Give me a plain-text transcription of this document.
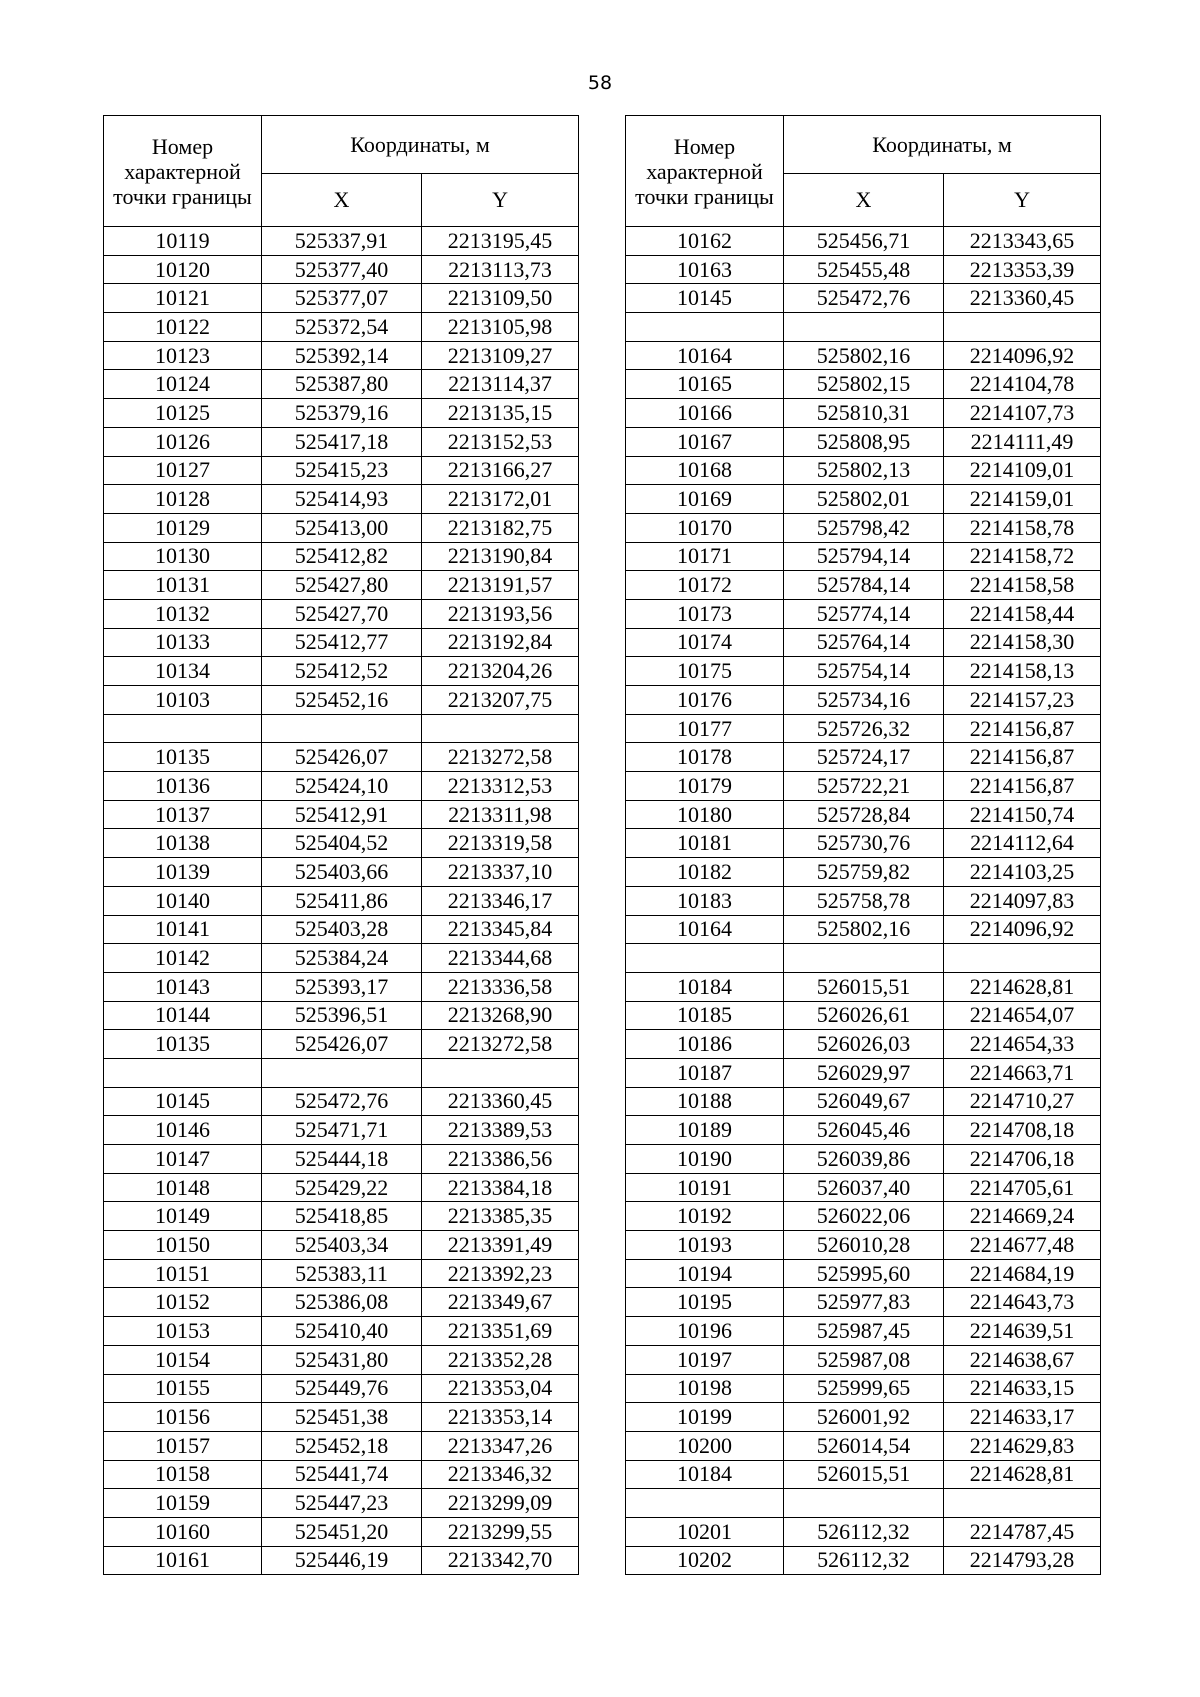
58
Номер характерной точки границы	Координаты, м	
	X	Y
10119	525337,91	2213195,45
10120	525377,40	2213113,73
10121	525377,07	2213109,50
10122	525372,54	2213105,98
10123	525392,14	2213109,27
10124	525387,80	2213114,37
10125	525379,16	2213135,15
10126	525417,18	2213152,53
10127	525415,23	2213166,27
10128	525414,93	2213172,01
10129	525413,00	2213182,75
10130	525412,82	2213190,84
10131	525427,80	2213191,57
10132	525427,70	2213193,56
10133	525412,77	2213192,84
10134	525412,52	2213204,26
10103	525452,16	2213207,75

10135	525426,07	2213272,58
10136	525424,10	2213312,53
10137	525412,91	2213311,98
10138	525404,52	2213319,58
10139	525403,66	2213337,10
10140	525411,86	2213346,17
10141	525403,28	2213345,84
10142	525384,24	2213344,68
10143	525393,17	2213336,58
10144	525396,51	2213268,90
10135	525426,07	2213272,58

10145	525472,76	2213360,45
10146	525471,71	2213389,53
10147	525444,18	2213386,56
10148	525429,22	2213384,18
10149	525418,85	2213385,35
10150	525403,34	2213391,49
10151	525383,11	2213392,23
10152	525386,08	2213349,67
10153	525410,40	2213351,69
10154	525431,80	2213352,28
10155	525449,76	2213353,04
10156	525451,38	2213353,14
10157	525452,18	2213347,26
10158	525441,74	2213346,32
10159	525447,23	2213299,09
10160	525451,20	2213299,55
10161	525446,19	2213342,70
Номер характерной точки границы	Координаты, м	
	X	Y
10162	525456,71	2213343,65
10163	525455,48	2213353,39
10145	525472,76	2213360,45

10164	525802,16	2214096,92
10165	525802,15	2214104,78
10166	525810,31	2214107,73
10167	525808,95	2214111,49
10168	525802,13	2214109,01
10169	525802,01	2214159,01
10170	525798,42	2214158,78
10171	525794,14	2214158,72
10172	525784,14	2214158,58
10173	525774,14	2214158,44
10174	525764,14	2214158,30
10175	525754,14	2214158,13
10176	525734,16	2214157,23
10177	525726,32	2214156,87
10178	525724,17	2214156,87
10179	525722,21	2214156,87
10180	525728,84	2214150,74
10181	525730,76	2214112,64
10182	525759,82	2214103,25
10183	525758,78	2214097,83
10164	525802,16	2214096,92

10184	526015,51	2214628,81
10185	526026,61	2214654,07
10186	526026,03	2214654,33
10187	526029,97	2214663,71
10188	526049,67	2214710,27
10189	526045,46	2214708,18
10190	526039,86	2214706,18
10191	526037,40	2214705,61
10192	526022,06	2214669,24
10193	526010,28	2214677,48
10194	525995,60	2214684,19
10195	525977,83	2214643,73
10196	525987,45	2214639,51
10197	525987,08	2214638,67
10198	525999,65	2214633,15
10199	526001,92	2214633,17
10200	526014,54	2214629,83
10184	526015,51	2214628,81

10201	526112,32	2214787,45
10202	526112,32	2214793,28
